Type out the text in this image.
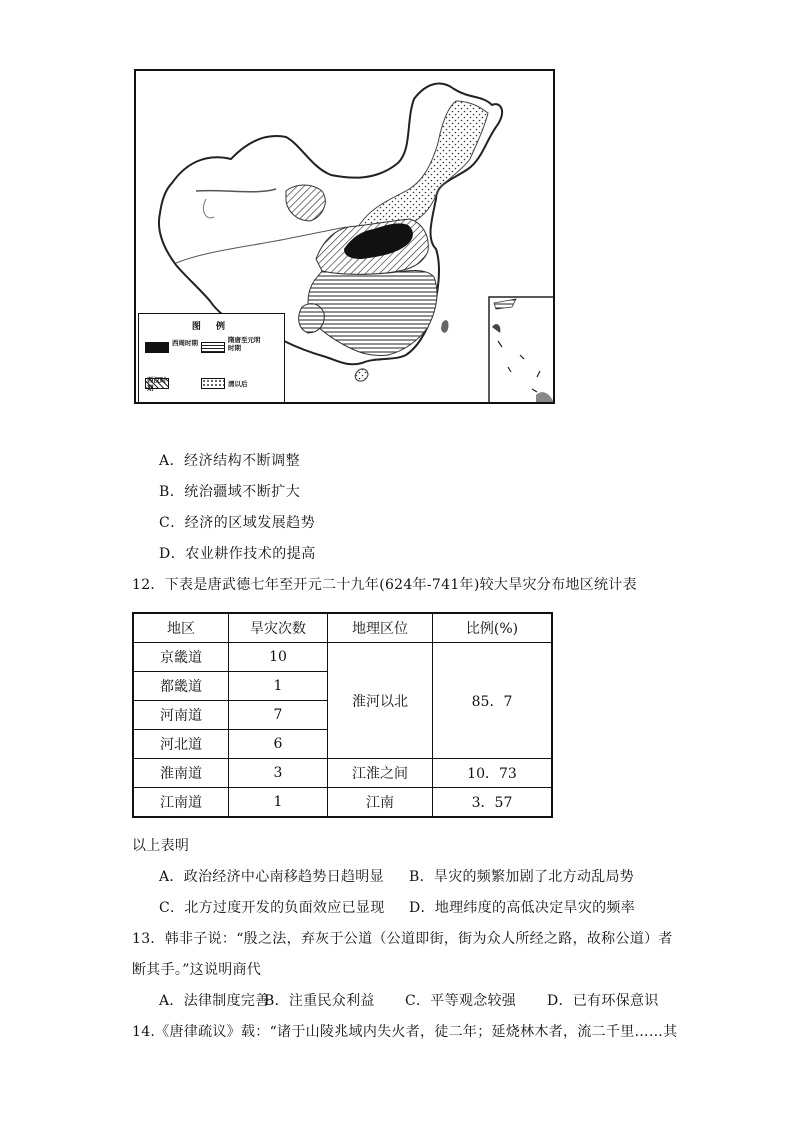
图 例
西周时期	隋唐至元明时期
西汉时期	清以后
A．经济结构不断调整
B．统治疆域不断扩大
C．经济的区域发展趋势
D．农业耕作技术的提高
12．下表是唐武德七年至开元二十九年(624年-741年)较大旱灾分布地区统计表
地区	旱灾次数	地理区位	比例(%)
京畿道	10	淮河以北	85．7
都畿道	1		
河南道	7		
河北道	6		
淮南道	3	江淮之间	10．73
江南道	1	江南	3．57
以上表明
A．政治经济中心南移趋势日趋明显 B．旱灾的频繁加剧了北方动乱局势
C．北方过度开发的负面效应已显现 D．地理纬度的高低决定旱灾的频率
13．韩非子说：“殷之法，弃灰于公道（公道即街，街为众人所经之路，故称公道）者
断其手。”这说明商代
A．法律制度完善
B．注重民众利益 C．平等观念较强 D．已有环保意识
14.《唐律疏议》载：“诸于山陵兆域内失火者，徒二年；延烧林木者，流二千里……其
